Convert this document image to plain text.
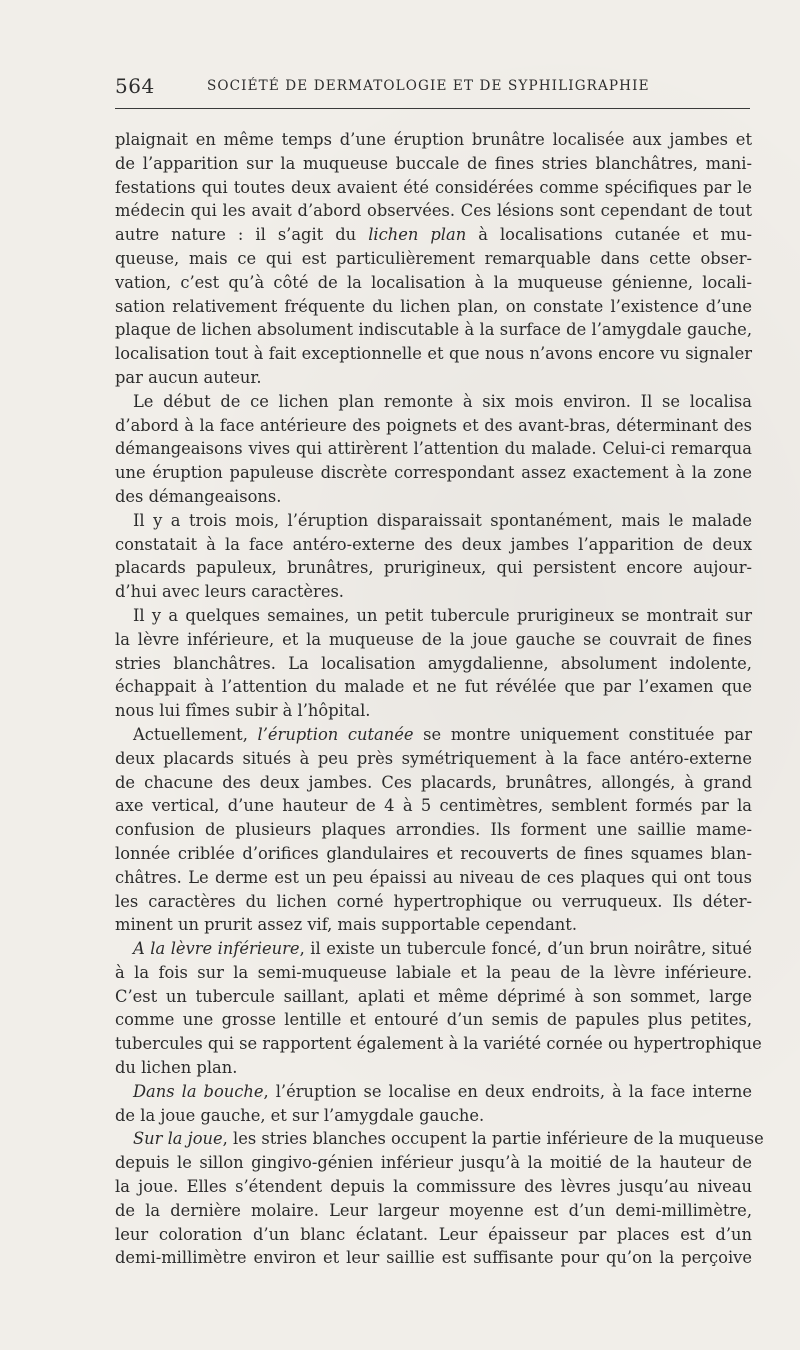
564	SOCIÉTÉ DE DERMATOLOGIE ET DE SYPHILIGRAPHIE
plaignait en même temps d’une éruption brunâtre localisée aux jambes et
de l’apparition sur la muqueuse buccale de fines stries blanchâtres, mani-
festations qui toutes deux avaient été considérées comme spécifiques par le
médecin qui les avait d’abord observées. Ces lésions sont cependant de tout
autre nature : il s’agit du lichen plan à localisations cutanée et mu-
queuse, mais ce qui est particulièrement remarquable dans cette obser-
vation, c’est qu’à côté de la localisation à la muqueuse génienne, locali-
sation relativement fréquente du lichen plan, on constate l’existence d’une
plaque de lichen absolument indiscutable à la surface de l’amygdale gauche,
localisation tout à fait exceptionnelle et que nous n’avons encore vu signaler
par aucun auteur.
Le début de ce lichen plan remonte à six mois environ. Il se localisa
d’abord à la face antérieure des poignets et des avant-bras, déterminant des
démangeaisons vives qui attirèrent l’attention du malade. Celui-ci remarqua
une éruption papuleuse discrète correspondant assez exactement à la zone
des démangeaisons.
Il y a trois mois, l’éruption disparaissait spontanément, mais le malade
constatait à la face antéro-externe des deux jambes l’apparition de deux
placards papuleux, brunâtres, prurigineux, qui persistent encore aujour-
d’hui avec leurs caractères.
Il y a quelques semaines, un petit tubercule prurigineux se montrait sur
la lèvre inférieure, et la muqueuse de la joue gauche se couvrait de fines
stries blanchâtres. La localisation amygdalienne, absolument indolente,
échappait à l’attention du malade et ne fut révélée que par l’examen que
nous lui fîmes subir à l’hôpital.
Actuellement, l’éruption cutanée se montre uniquement constituée par
deux placards situés à peu près symétriquement à la face antéro-externe
de chacune des deux jambes. Ces placards, brunâtres, allongés, à grand
axe vertical, d’une hauteur de 4 à 5 centimètres, semblent formés par la
confusion de plusieurs plaques arrondies. Ils forment une saillie mame-
lonnée criblée d’orifices glandulaires et recouverts de fines squames blan-
châtres. Le derme est un peu épaissi au niveau de ces plaques qui ont tous
les caractères du lichen corné hypertrophique ou verruqueux. Ils déter-
minent un prurit assez vif, mais supportable cependant.
A la lèvre inférieure, il existe un tubercule foncé, d’un brun noirâtre, situé
à la fois sur la semi-muqueuse labiale et la peau de la lèvre inférieure.
C’est un tubercule saillant, aplati et même déprimé à son sommet, large
comme une grosse lentille et entouré d’un semis de papules plus petites,
tubercules qui se rapportent également à la variété cornée ou hypertrophique
du lichen plan.
Dans la bouche, l’éruption se localise en deux endroits, à la face interne
de la joue gauche, et sur l’amygdale gauche.
Sur la joue, les stries blanches occupent la partie inférieure de la muqueuse
depuis le sillon gingivo-génien inférieur jusqu’à la moitié de la hauteur de
la joue. Elles s’étendent depuis la commissure des lèvres jusqu’au niveau
de la dernière molaire. Leur largeur moyenne est d’un demi-millimètre,
leur coloration d’un blanc éclatant. Leur épaisseur par places est d’un
demi-millimètre environ et leur saillie est suffisante pour qu’on la perçoive
